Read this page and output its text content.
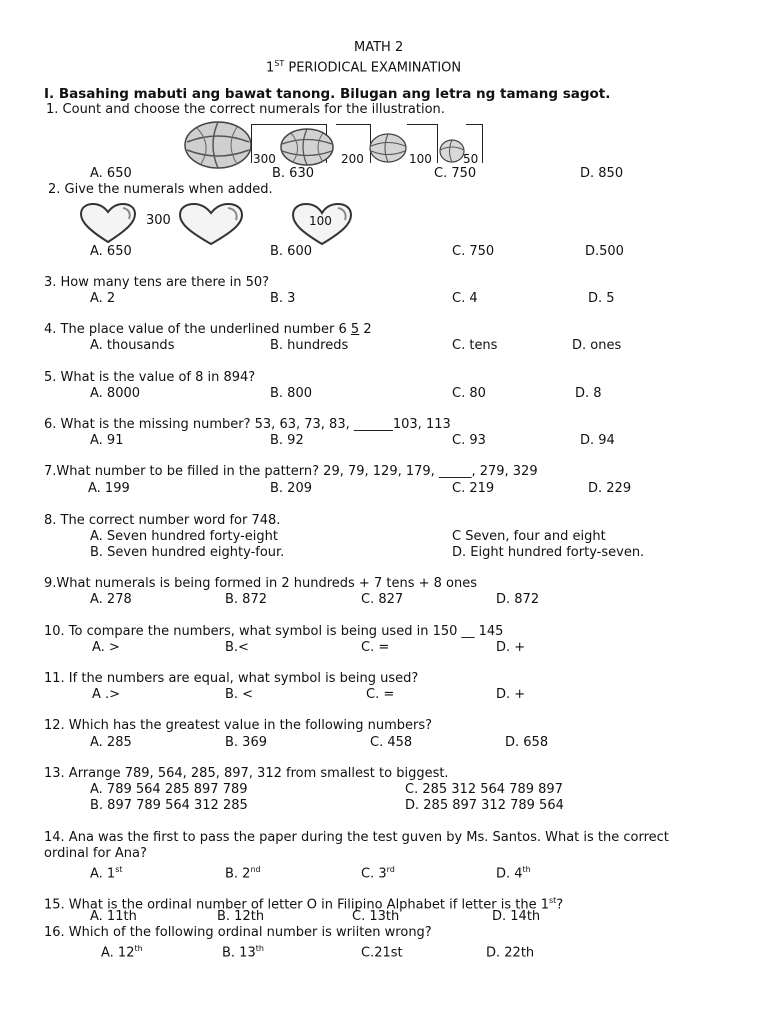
MATH 2
1ST PERIODICAL EXAMINATION
I. Basahing mabuti ang bawat tanong. Bilugan ang letra ng tamang sagot.
1. Count and choose the correct numerals for the illustration.
300	200	100	50
A. 650	B. 630	C. 750	D. 850
2. Give the numerals when added.
300	100
A. 650	B. 600	C. 750	D.500
3. How many tens are there in 50?
A. 2	B. 3	C. 4	D. 5
4. The place value of the underlined number 6 5 2
A. thousands	B. hundreds	C. tens	D. ones
5. What is the value of 8 in 894?
A. 8000	B. 800	C. 80	D. 8
6. What is the missing number? 53, 63, 73, 83, ______103, 113
A. 91	B. 92	C. 93	D. 94
7.What number to be filled in the pattern? 29, 79, 129, 179, _____, 279, 329
A. 199	B. 209	C. 219	D. 229
8. The correct number word for 748.
A. Seven hundred forty-eight	C Seven, four and eight
B. Seven hundred eighty-four.	D. Eight hundred forty-seven.
9.What numerals is being formed in 2 hundreds + 7 tens + 8 ones
A. 278	B. 872	C. 827	D. 872
10. To compare the numbers, what symbol is being used in 150 __ 145
A. >	B.<	C. =	D. +
11. If the numbers are equal, what symbol is being used?
A .>	B. <	C. =	D. +
12. Which has the greatest value in the following numbers?
A. 285	B. 369	C. 458	D. 658
13. Arrange 789, 564, 285, 897, 312 from smallest to biggest.
A. 789 564 285 897 789	C. 285 312 564 789 897
B. 897 789 564 312 285	D. 285 897 312 789 564
14. Ana was the first to pass the paper during the test guven by Ms. Santos. What is the correct
ordinal for Ana?
A. 1st	B. 2nd	C. 3rd	D. 4th
15. What is the ordinal number of letter O in Filipino Alphabet if letter is the 1st?
A. 11th	B. 12th	C. 13th	D. 14th
16. Which of the following ordinal number is wriiten wrong?
A. 12th	B. 13th	C.21st	D. 22th
